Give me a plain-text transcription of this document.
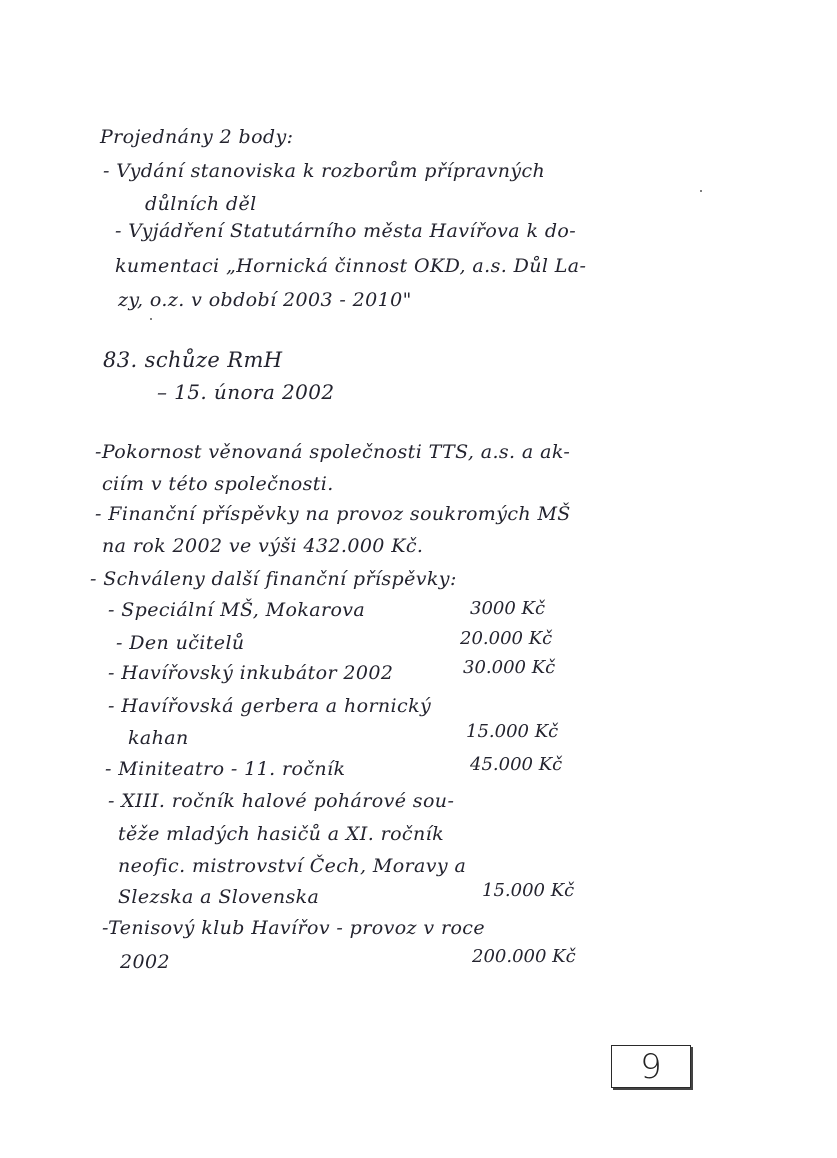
Projednány 2 body:
- Vydání stanoviska k rozborům přípravných
důlních děl
- Vyjádření Statutárního města Havířova k do-
kumentaci „Hornická činnost OKD, a.s. Důl La-
zy, o.z. v období 2003 - 2010"
83. schůze RmH
– 15. února 2002
-Pokornost věnovaná společnosti TTS, a.s. a ak-
ciím v této společnosti.
- Finanční příspěvky na provoz soukromých MŠ
na rok 2002 ve výši 432.000 Kč.
- Schváleny další finanční příspěvky:
- Speciální MŠ, Mokarova	3000 Kč
- Den učitelů	20.000 Kč
- Havířovský inkubátor 2002	30.000 Kč
- Havířovská gerbera a hornický
kahan	15.000 Kč
- Miniteatro - 11. ročník	45.000 Kč
- XIII. ročník halové pohárové sou-
těže mladých hasičů a XI. ročník
neofic. mistrovství Čech, Moravy a
Slezska a Slovenska	15.000 Kč
-Tenisový klub Havířov - provoz v roce
2002	200.000 Kč
9
